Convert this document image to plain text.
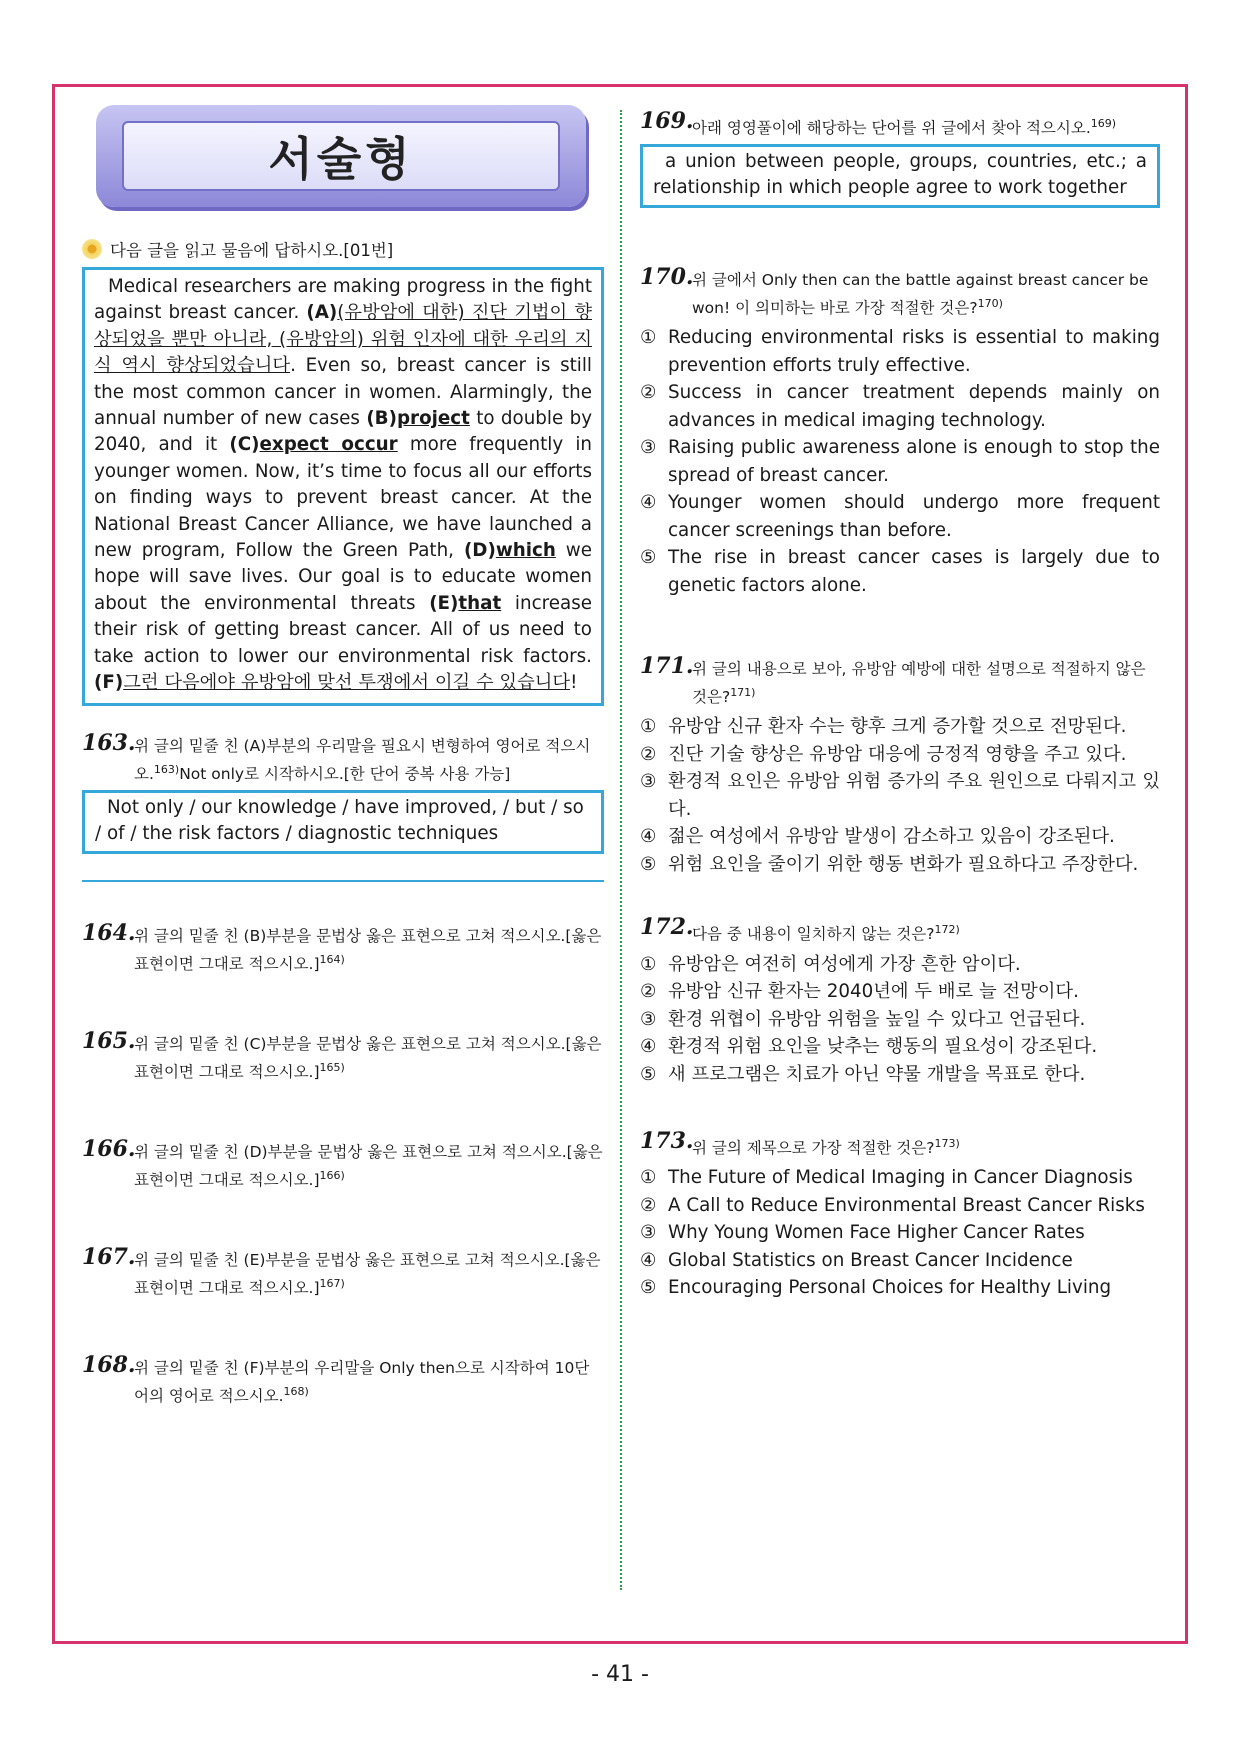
서술형
다음 글을 읽고 물음에 답하시오.[01번]
Medical researchers are making progress in the fight against breast cancer. (A)(유방암에 대한) 진단 기법이 향상되었을 뿐만 아니라, (유방암의) 위험 인자에 대한 우리의 지식 역시 향상되었습니다. Even so, breast cancer is still the most common cancer in women. Alarmingly, the annual number of new cases (B)project to double by 2040, and it (C)expect occur more frequently in younger women. Now, it’s time to focus all our efforts on finding ways to prevent breast cancer. At the National Breast Cancer Alliance, we have launched a new program, Follow the Green Path, (D)which we hope will save lives. Our goal is to educate women about the environmental threats (E)that increase their risk of getting breast cancer. All of us need to take action to lower our environmental risk factors. (F)그런 다음에야 유방암에 맞선 투쟁에서 이길 수 있습니다!
163.
위 글의 밑줄 친 (A)부분의 우리말을 필요시 변형하여 영어로 적으시오.$^{163)}$Not only로 시작하시오.[한 단어 중복 사용 가능]
Not only / our knowledge / have improved, / but / so / of / the risk factors / diagnostic techniques
164.
위 글의 밑줄 친 (B)부분을 문법상 옳은 표현으로 고쳐 적으시오.[옳은 표현이면 그대로 적으시오.]$^{164)}$
165.
위 글의 밑줄 친 (C)부분을 문법상 옳은 표현으로 고쳐 적으시오.[옳은 표현이면 그대로 적으시오.]$^{165)}$
166.
위 글의 밑줄 친 (D)부분을 문법상 옳은 표현으로 고쳐 적으시오.[옳은 표현이면 그대로 적으시오.]$^{166)}$
167.
위 글의 밑줄 친 (E)부분을 문법상 옳은 표현으로 고쳐 적으시오.[옳은 표현이면 그대로 적으시오.]$^{167)}$
168.
위 글의 밑줄 친 (F)부분의 우리말을 Only then으로 시작하여 10단어의 영어로 적으시오.$^{168)}$
169.
아래 영영풀이에 해당하는 단어를 위 글에서 찾아 적으시오.$^{169)}$
a union between people, groups, countries, etc.; a relationship in which people agree to work together
170.
위 글에서 Only then can the battle against breast cancer be won! 이 의미하는 바로 가장 적절한 것은?$^{170)}$
① Reducing environmental risks is essential to making prevention efforts truly effective.
② Success in cancer treatment depends mainly on advances in medical imaging technology.
③ Raising public awareness alone is enough to stop the spread of breast cancer.
④ Younger women should undergo more frequent cancer screenings than before.
⑤ The rise in breast cancer cases is largely due to genetic factors alone.
171.
위 글의 내용으로 보아, 유방암 예방에 대한 설명으로 적절하지 않은 것은?$^{171)}$
① 유방암 신규 환자 수는 향후 크게 증가할 것으로 전망된다.
② 진단 기술 향상은 유방암 대응에 긍정적 영향을 주고 있다.
③ 환경적 요인은 유방암 위험 증가의 주요 원인으로 다뤄지고 있다.
④ 젊은 여성에서 유방암 발생이 감소하고 있음이 강조된다.
⑤ 위험 요인을 줄이기 위한 행동 변화가 필요하다고 주장한다.
172.
다음 중 내용이 일치하지 않는 것은?$^{172)}$
① 유방암은 여전히 여성에게 가장 흔한 암이다.
② 유방암 신규 환자는 2040년에 두 배로 늘 전망이다.
③ 환경 위협이 유방암 위험을 높일 수 있다고 언급된다.
④ 환경적 위험 요인을 낮추는 행동의 필요성이 강조된다.
⑤ 새 프로그램은 치료가 아닌 약물 개발을 목표로 한다.
173.
위 글의 제목으로 가장 적절한 것은?$^{173)}$
① The Future of Medical Imaging in Cancer Diagnosis
② A Call to Reduce Environmental Breast Cancer Risks
③ Why Young Women Face Higher Cancer Rates
④ Global Statistics on Breast Cancer Incidence
⑤ Encouraging Personal Choices for Healthy Living
- 41 -
